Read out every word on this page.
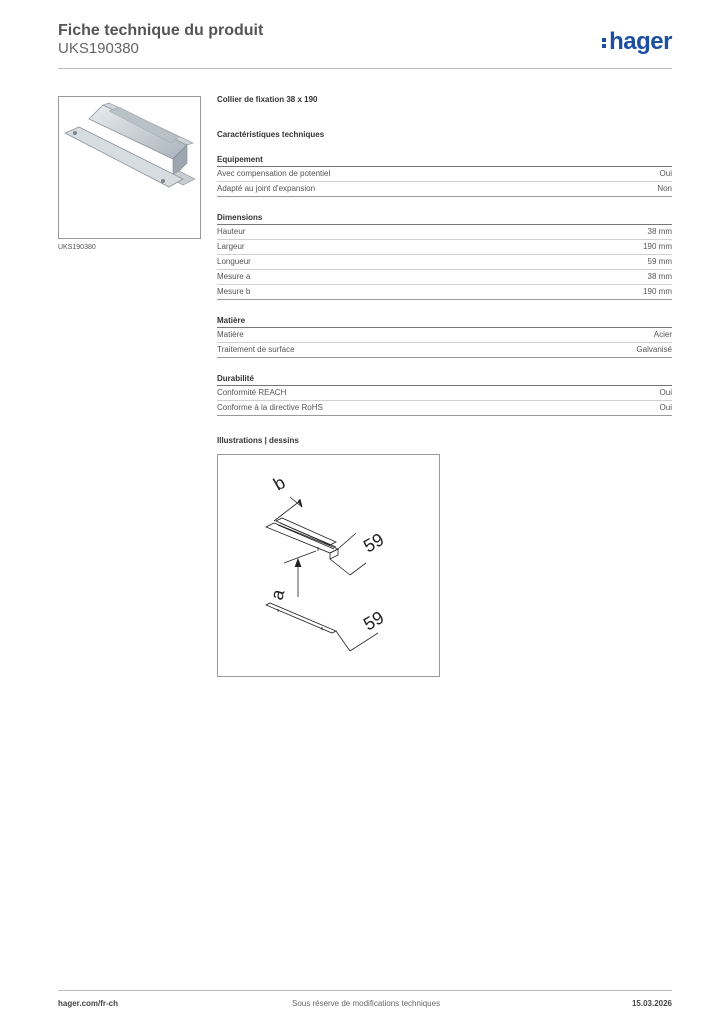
Fiche technique du produit
UKS190380	hager
UKS190380
Collier de fixation 38 x 190
Caractéristiques techniques
Equipement
Avec compensation de potentiel	Oui
Adapté au joint d'expansion	Non
Dimensions
Hauteur	38 mm
Largeur	190 mm
Longueur	59 mm
Mesure a	38 mm
Mesure b	190 mm
Matière
Matière	Acier
Traitement de surface	Galvanisé
Durabilité
Conformité REACH	Oui
Conforme à la directive RoHS	Oui
Illustrations | dessins
b
59
a
59
hager.com/fr-ch	Sous réserve de modifications techniques	15.03.2026
